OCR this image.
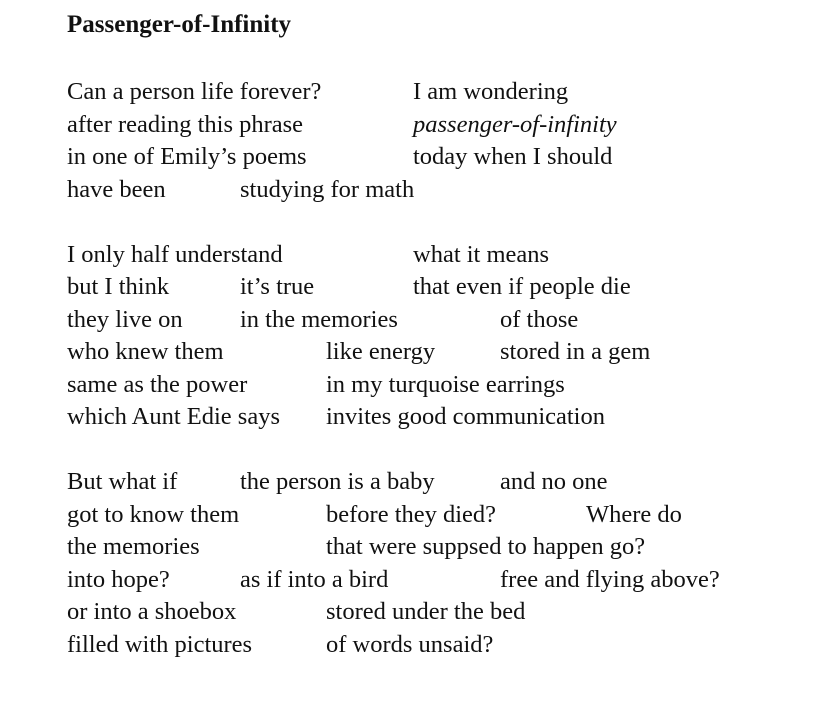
Passenger-of-Infinity
Can a person life forever?	I am wondering
after reading this phrase	passenger-of-infinity
in one of Emily’s poems	today when I should
have been	studying for math
I only half understand	what it means
but I think	it’s true	that even if people die
they live on in the memories	of those
who knew them	like energy	stored in a gem
same as the power	in my turquoise earrings
which Aunt Edie says invites good communication
But what if	the person is a baby	and no one
got to know them	before they died?	Where do
the memories	that were suppsed to happen go?
into hope?	as if into a bird	free and flying above?
or into a shoebox	stored under the bed
filled with pictures	of words unsaid?
